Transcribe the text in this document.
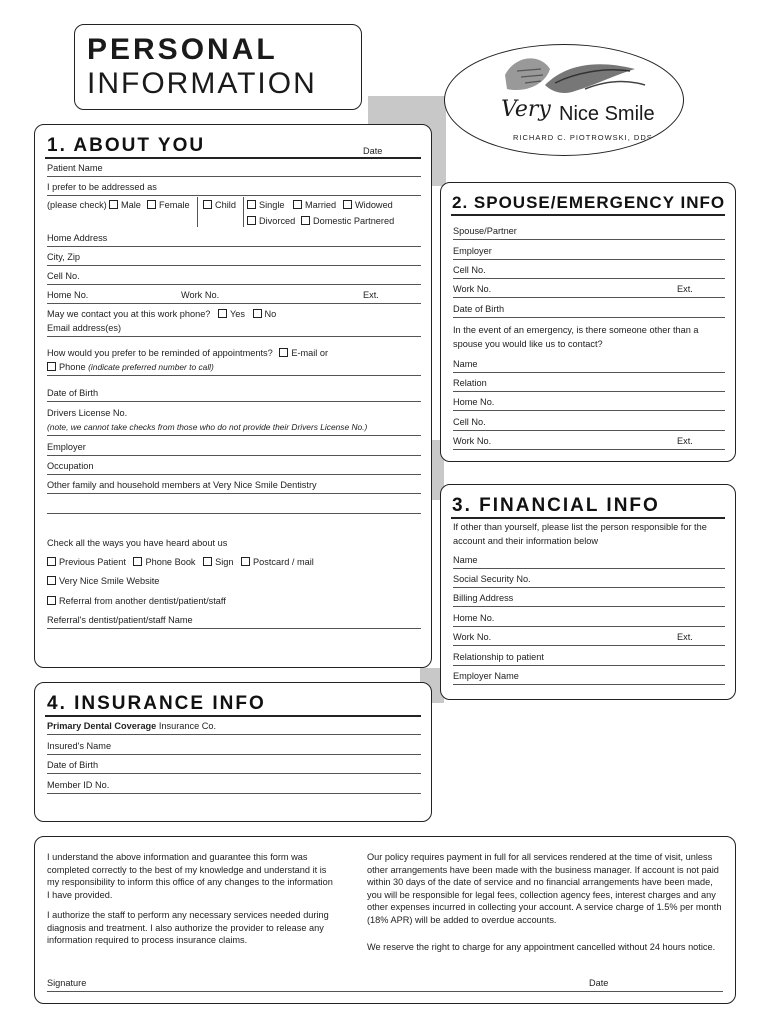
PERSONAL
INFORMATION
Very Nice Smile
RICHARD C. PIOTROWSKI, DDS
1. ABOUT YOU	Date
Patient Name
I prefer to be addressed as
(please check)	Male	Female	Child	Single	Married	Widowed
Divorced	Domestic Partnered
Home Address
City, Zip
Cell No.
Home No.	Work No.	Ext.
May we contact you at this work phone? Yes No
Email address(es)
How would you prefer to be reminded of appointments? E-mail or
Phone (indicate preferred number to call)
Date of Birth
Drivers License No.
(note, we cannot take checks from those who do not provide their Drivers License No.)
Employer
Occupation
Other family and household members at Very Nice Smile Dentistry
Check all the ways you have heard about us
Previous Patient Phone Book Sign Postcard / mail
Very Nice Smile Website
Referral from another dentist/patient/staff
Referral's dentist/patient/staff Name
2. SPOUSE/EMERGENCY INFO
Spouse/Partner
Employer
Cell No.
Work No.	Ext.
Date of Birth
In the event of an emergency, is there someone other than a
spouse you would like us to contact?
Name
Relation
Home No.
Cell No.
Work No.	Ext.
3. FINANCIAL INFO
If other than yourself, please list the person responsible for the
account and their information below
Name
Social Security No.
Billing Address
Home No.
Work No.	Ext.
Relationship to patient
Employer Name
4. INSURANCE INFO
Primary Dental Coverage Insurance Co.
Insured's Name
Date of Birth
Member ID No.
I understand the above information and guarantee this form was completed correctly to the best of my knowledge and understand it is my responsibility to inform this office of any changes to the information I have provided.
I authorize the staff to perform any necessary services needed during diagnosis and treatment. I also authorize the provider to release any information required to process insurance claims.
Our policy requires payment in full for all services rendered at the time of visit, unless other arrangements have been made with the business manager. If account is not paid within 30 days of the date of service and no financial arrangements have been made, you will be responsible for legal fees, collection agency fees, interest charges and any other expenses incurred in collecting your account. A service charge of 1.5% per month (18% APR) will be added to overdue accounts.
We reserve the right to charge for any appointment cancelled without 24 hours notice.
Signature	Date
